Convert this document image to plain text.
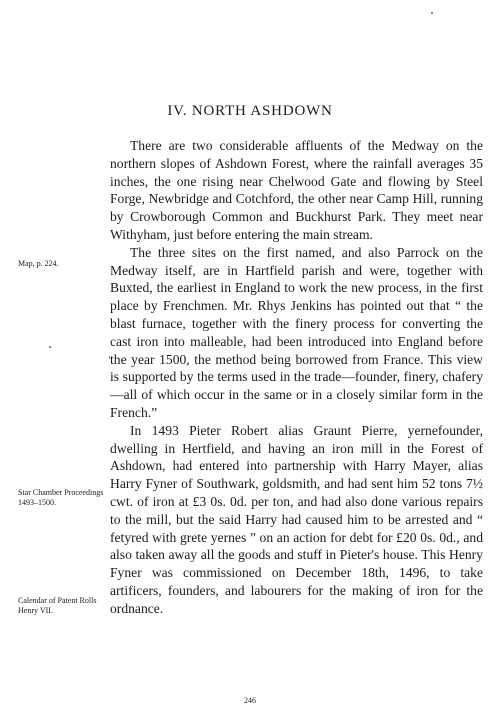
IV. NORTH ASHDOWN

There are two considerable affluents of the Medway on the northern slopes of Ashdown Forest, where the rainfall averages 35 inches, the one rising near Chelwood Gate and flowing by Steel Forge, Newbridge and Cotchford, the other near Camp Hill, running by Crowborough Common and Buckhurst Park. They meet near Withyham, just before entering the main stream.

The three sites on the first named, and also Parrock on the Medway itself, are in Hartfield parish and were, together with Buxted, the earliest in England to work the new process, in the first place by Frenchmen. Mr. Rhys Jenkins has pointed out that “ the blast furnace, together with the finery process for converting the cast iron into malleable, had been introduced into England before the year 1500, the method being borrowed from France. This view is supported by the terms used in the trade—founder, finery, chafery—all of which occur in the same or in a closely similar form in the French.”

In 1493 Pieter Robert alias Graunt Pierre, yernefounder, dwelling in Hertfield, and having an iron mill in the Forest of Ashdown, had entered into partnership with Harry Mayer, alias Harry Fyner of Southwark, goldsmith, and had sent him 52 tons 7½ cwt. of iron at £3 0s. 0d. per ton, and had also done various repairs to the mill, but the said Harry had caused him to be arrested and “ fetyred with grete yernes ” on an action for debt for £20 0s. 0d., and also taken away all the goods and stuff in Pieter's house. This Henry Fyner was commissioned on December 18th, 1496, to take artificers, founders, and labourers for the making of iron for the ordnance.

Map, p. 224.
Star Chamber Proceedings 1493–1500.
Calendar of Patent Rolls Henry VII.
246
